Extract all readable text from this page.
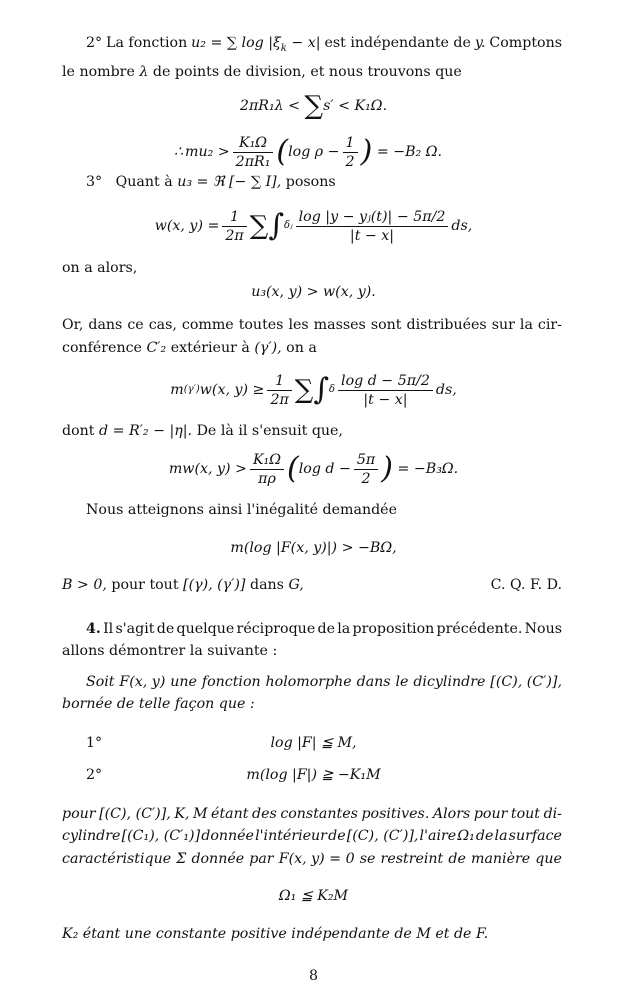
2° La fonction u₂ = ∑ $\log |\xi_k - x|$ est indépendante de y. Comptons
le nombre λ de points de division, et nous trouvons que
2πR₁λ < ∑s′ < K₁Ω.
∴ $mu_2 > \frac{\text{K₁Ω}}{\text{2πR₁}}$ ( $\log \rho - \frac{1}{2}$ )
= −B₂ Ω.
3° Quant à u₃ = ℜ [− ∑ I], posons
w(x, $y) = \frac{1}{2\pi}$ ∑ ∫ δⱼ $\frac{\text{log |y − yⱼ(t)| − 5π/2}}{|t - x|}$ ds,
on a alors,
u₃(x, y) > w(x, y).
Or, dans ce cas, comme toutes les masses sont distribuées sur la cir-
conférence C′₂ extérieur à (γ′), on a
m (γ′) w(x, $y) \ge \frac{1}{2\pi}$ ∑ ∫ δ $\frac{\text{log d − 5π/2}}{|t - x|}$ ds,
dont d = R′₂ − |η|. De là il s'ensuit que,
mw(x, $y) > \frac{\text{K₁Ω}}{\pi\rho}$ ( $\log d - \frac{5\pi}{2}$ )
= −B₃Ω.
Nous atteignons ainsi l'inégalité demandée
m(log |F(x, y)|) > −BΩ,
B > 0, pour tout [(γ), (γ′)] dans G,	C. Q. F. D.
4. Il s'agit de quelque réciproque de la proposition précédente. Nous
allons démontrer la suivante :
Soit F(x, y) une fonction holomorphe dans le dicylindre [(C), (C′)],
bornée de telle façon que :
1°	log |F| ≦ M,
2°	m(log |F|) ≧ −K₁M
pour [(C), (C′)], K, M étant des constantes positives. Alors pour tout di-
cylindre [(C₁), (C′₁)] donnée l'intérieur de [(C), (C′)], l'aire Ω₁ de la surface
caractéristique Σ donnée par F(x, y) = 0 se restreint de manière que
Ω₁ ≦ K₂M
K₂ étant une constante positive indépendante de M et de F.
8
